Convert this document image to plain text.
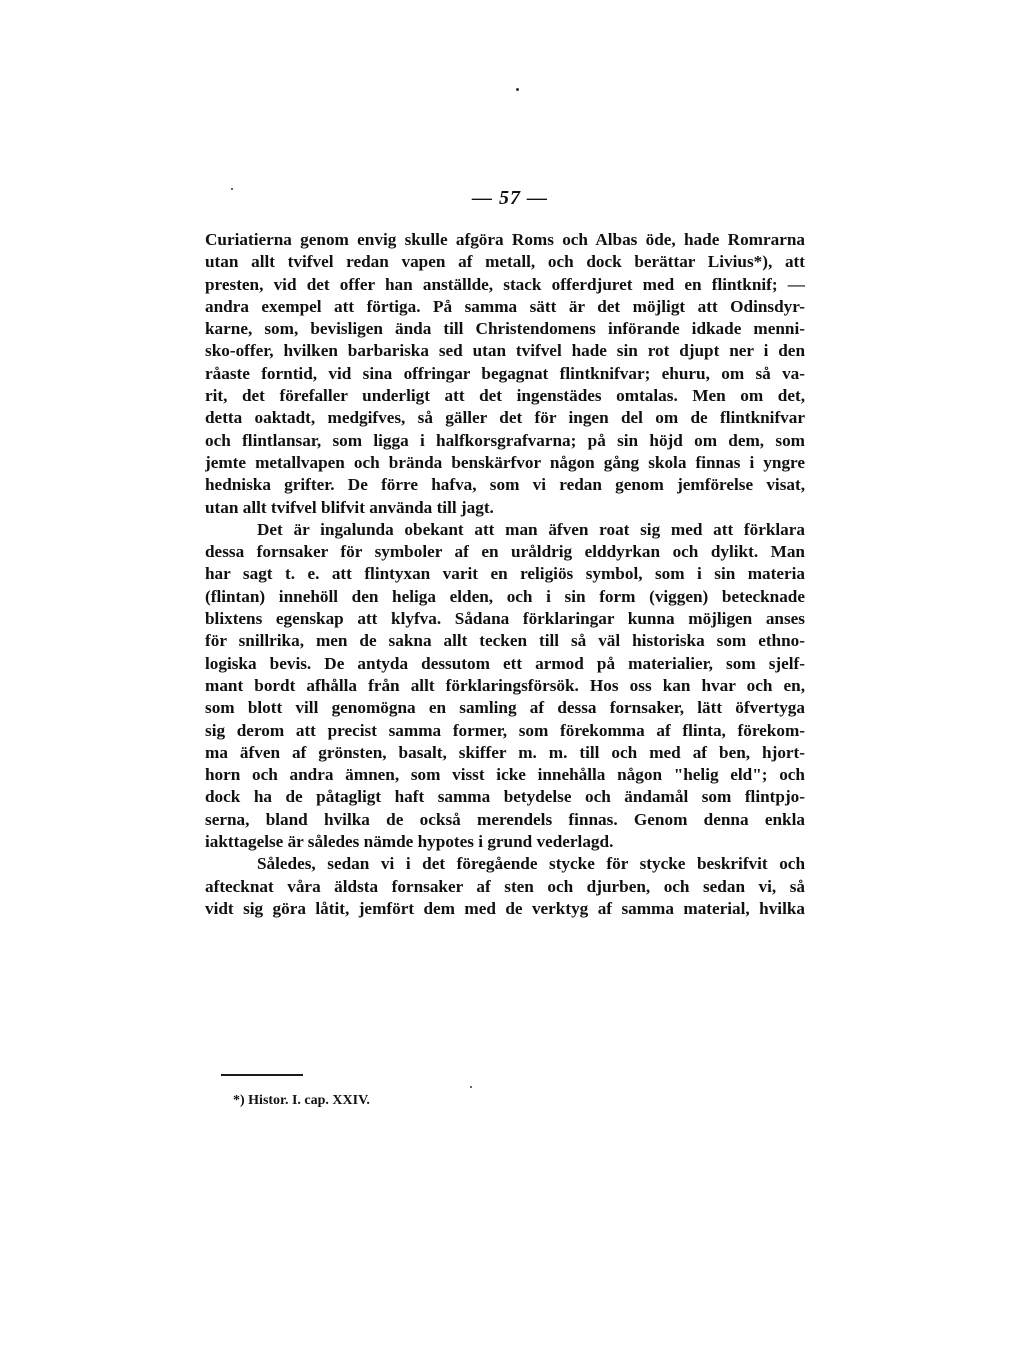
— 57 —
Curiatierna genom envig skulle afgöra Roms och Albas öde, hade Romrarna
utan allt tvifvel redan vapen af metall, och dock berättar Livius*), att
presten, vid det offer han anställde, stack offerdjuret med en flintknif; —
andra exempel att förtiga. På samma sätt är det möjligt att Odinsdyr-
karne, som, bevisligen ända till Christendomens införande idkade menni-
sko-offer, hvilken barbariska sed utan tvifvel hade sin rot djupt ner i den
råaste forntid, vid sina offringar begagnat flintknifvar; ehuru, om så va-
rit, det förefaller underligt att det ingenstädes omtalas. Men om det,
detta oaktadt, medgifves, så gäller det för ingen del om de flintknifvar
och flintlansar, som ligga i halfkorsgrafvarna; på sin höjd om dem, som
jemte metallvapen och brända benskärfvor någon gång skola finnas i yngre
hedniska grifter. De förre hafva, som vi redan genom jemförelse visat,
utan allt tvifvel blifvit använda till jagt.
Det är ingalunda obekant att man äfven roat sig med att förklara
dessa fornsaker för symboler af en uråldrig elddyrkan och dylikt. Man
har sagt t. e. att flintyxan varit en religiös symbol, som i sin materia
(flintan) innehöll den heliga elden, och i sin form (viggen) betecknade
blixtens egenskap att klyfva. Sådana förklaringar kunna möjligen anses
för snillrika, men de sakna allt tecken till så väl historiska som ethno-
logiska bevis. De antyda dessutom ett armod på materialier, som sjelf-
mant bordt afhålla från allt förklaringsförsök. Hos oss kan hvar och en,
som blott vill genomögna en samling af dessa fornsaker, lätt öfvertyga
sig derom att precist samma former, som förekomma af flinta, förekom-
ma äfven af grönsten, basalt, skiffer m. m. till och med af ben, hjort-
horn och andra ämnen, som visst icke innehålla någon "helig eld"; och
dock ha de påtagligt haft samma betydelse och ändamål som flintpjo-
serna, bland hvilka de också merendels finnas. Genom denna enkla
iakttagelse är således nämde hypotes i grund vederlagd.
Således, sedan vi i det föregående stycke för stycke beskrifvit och
aftecknat våra äldsta fornsaker af sten och djurben, och sedan vi, så
vidt sig göra låtit, jemfört dem med de verktyg af samma material, hvilka
*) Histor. I. cap. XXIV.
